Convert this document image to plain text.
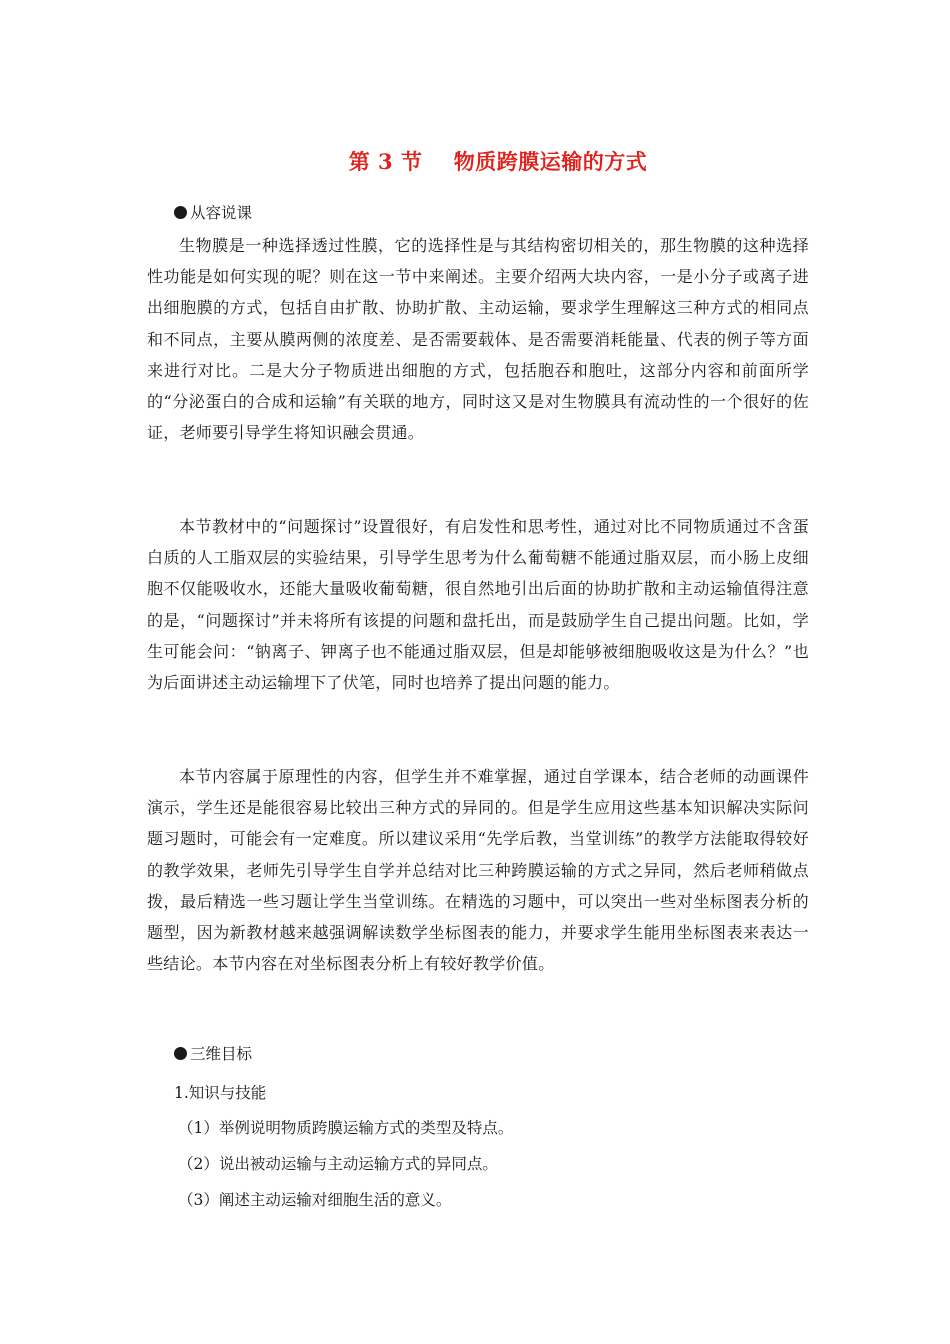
第 3 节    物质跨膜运输的方式
从容说课
生物膜是一种选择透过性膜，它的选择性是与其结构密切相关的，那生物膜的这种选择性功能是如何实现的呢？则在这一节中来阐述。主要介绍两大块内容，一是小分子或离子进出细胞膜的方式，包括自由扩散、协助扩散、主动运输，要求学生理解这三种方式的相同点和不同点，主要从膜两侧的浓度差、是否需要载体、是否需要消耗能量、代表的例子等方面来进行对比。二是大分子物质进出细胞的方式，包括胞吞和胞吐，这部分内容和前面所学的“分泌蛋白的合成和运输”有关联的地方，同时这又是对生物膜具有流动性的一个很好的佐证，老师要引导学生将知识融会贯通。
本节教材中的“问题探讨”设置很好，有启发性和思考性，通过对比不同物质通过不含蛋白质的人工脂双层的实验结果，引导学生思考为什么葡萄糖不能通过脂双层，而小肠上皮细胞不仅能吸收水，还能大量吸收葡萄糖，很自然地引出后面的协助扩散和主动运输值得注意的是，“问题探讨”并未将所有该提的问题和盘托出，而是鼓励学生自己提出问题。比如，学生可能会问：“钠离子、钾离子也不能通过脂双层，但是却能够被细胞吸收这是为什么？”也为后面讲述主动运输埋下了伏笔，同时也培养了提出问题的能力。
本节内容属于原理性的内容，但学生并不难掌握，通过自学课本，结合老师的动画课件演示，学生还是能很容易比较出三种方式的异同的。但是学生应用这些基本知识解决实际问题习题时，可能会有一定难度。所以建议采用“先学后教，当堂训练”的教学方法能取得较好的教学效果，老师先引导学生自学并总结对比三种跨膜运输的方式之异同，然后老师稍做点拨，最后精选一些习题让学生当堂训练。在精选的习题中，可以突出一些对坐标图表分析的题型，因为新教材越来越强调解读数学坐标图表的能力，并要求学生能用坐标图表来表达一些结论。本节内容在对坐标图表分析上有较好教学价值。
三维目标
1.知识与技能
（1）举例说明物质跨膜运输方式的类型及特点。
（2）说出被动运输与主动运输方式的异同点。
（3）阐述主动运输对细胞生活的意义。
